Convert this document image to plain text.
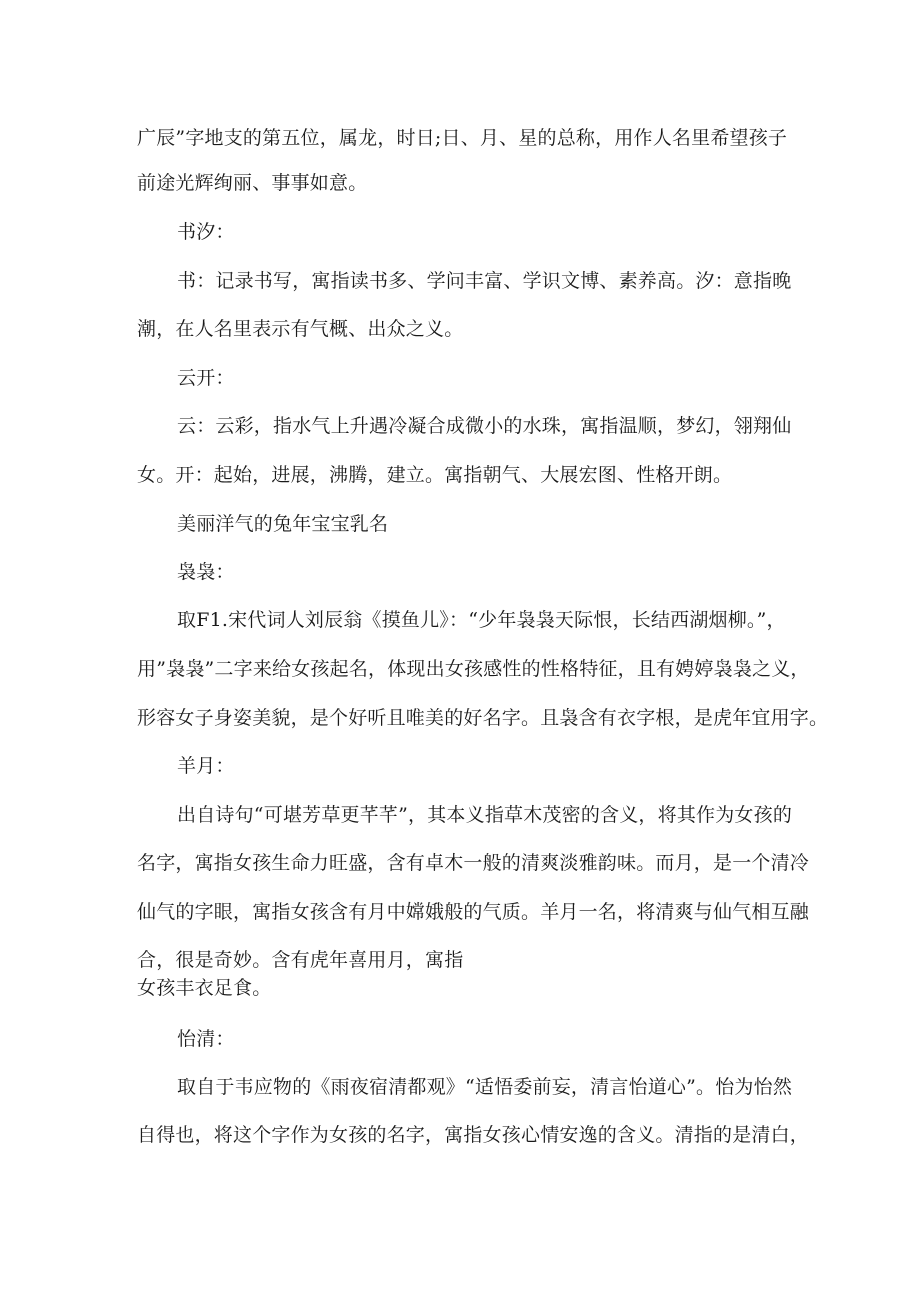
广辰”字地支的第五位，属龙，时日;日、月、星的总称，用作人名里希望孩子
前途光辉绚丽、事事如意。
书汐：
书：记录书写，寓指读书多、学问丰富、学识文博、素养高。汐：意指晚
潮，在人名里表示有气概、出众之义。
云开：
云：云彩，指水气上升遇冷凝合成微小的水珠，寓指温顺，梦幻，翎翔仙
女。开：起始，进展，沸腾，建立。寓指朝气、大展宏图、性格开朗。
美丽洋气的兔年宝宝乳名
袅袅：
取F1.宋代词人刘辰翁《摸鱼儿》：“少年袅袅天际恨，长结西湖烟柳。”，
用”袅袅”二字来给女孩起名，体现出女孩感性的性格特征，且有娉婷袅袅之义，
形容女子身姿美貌，是个好听且唯美的好名字。且袅含有衣字根，是虎年宜用字。
羊月：
出自诗句“可堪芳草更芊芊”，其本义指草木茂密的含义，将其作为女孩的
名字，寓指女孩生命力旺盛，含有卓木一般的清爽淡雅韵味。而月，是一个清冷
仙气的字眼，寓指女孩含有月中嫦娥般的气质。羊月一名，将清爽与仙气相互融
合，很是奇妙。含有虎年喜用月，寓指
女孩丰衣足食。
怡清：
取自于韦应物的《雨夜宿清都观》“适悟委前妄，清言怡道心”。怡为怡然
自得也，将这个字作为女孩的名字，寓指女孩心情安逸的含义。清指的是清白，
